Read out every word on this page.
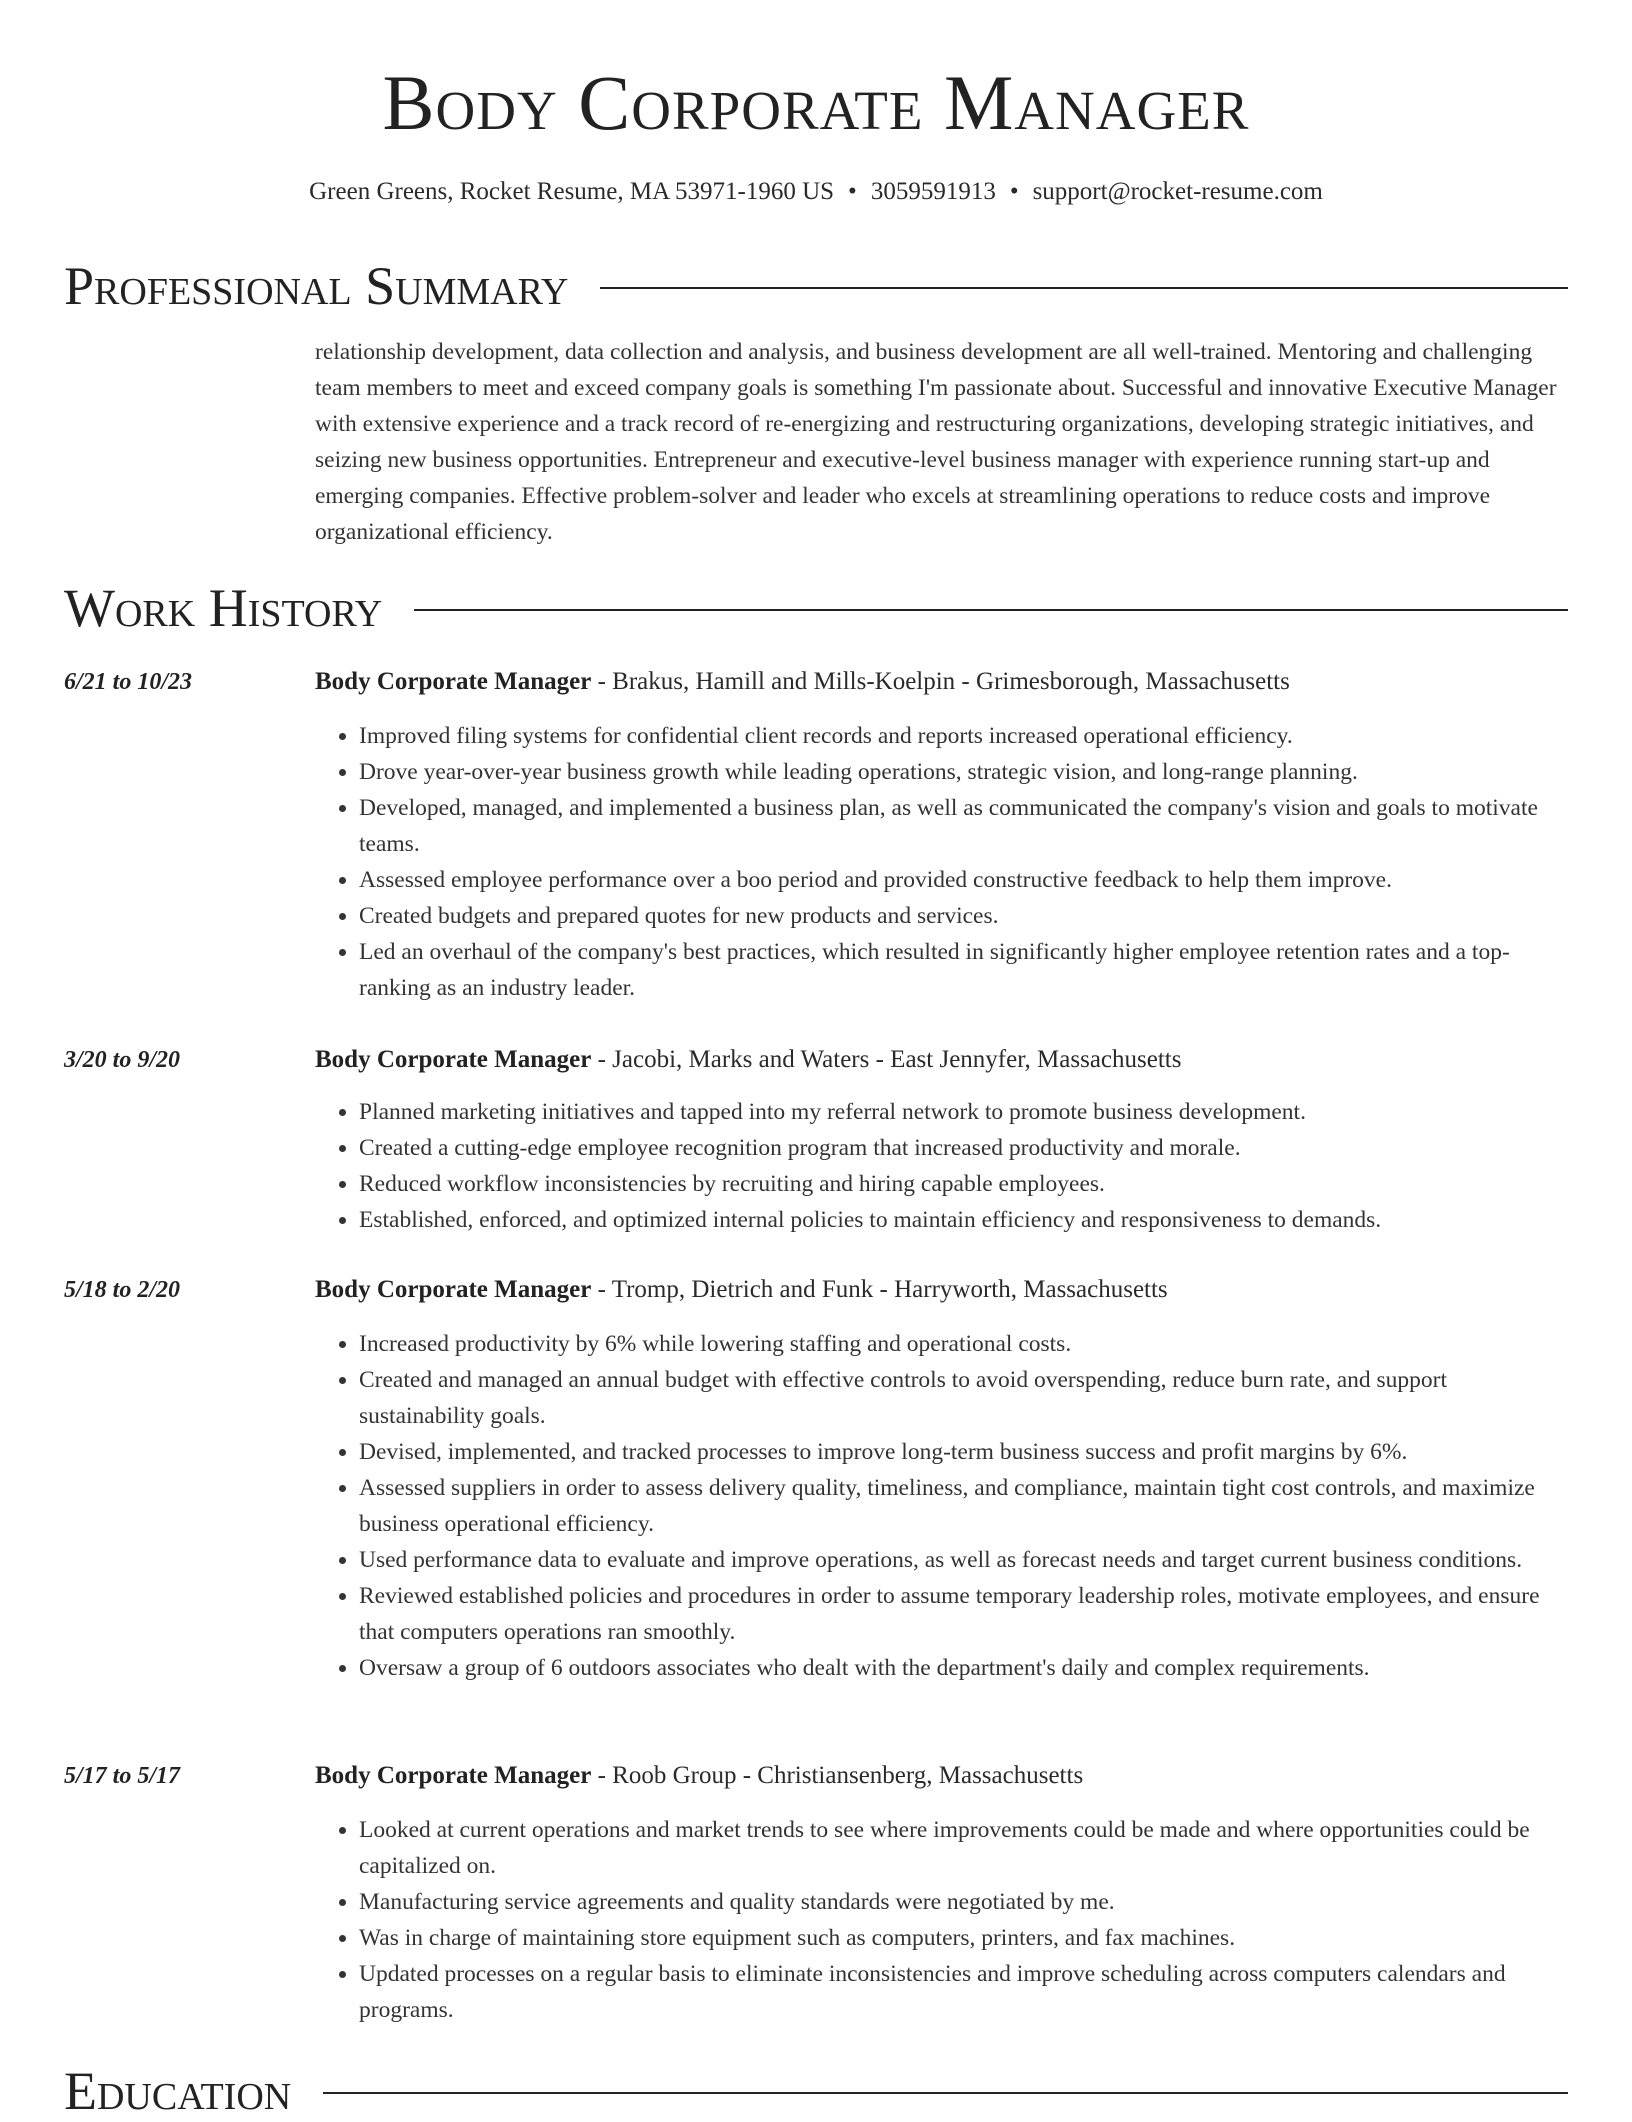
Body Corporate Manager
Green Greens, Rocket Resume, MA 53971-1960 US • 3059591913 • support@rocket-resume.com
Professional Summary
relationship development, data collection and analysis, and business development are all well-trained. Mentoring and challenging team members to meet and exceed company goals is something I'm passionate about. Successful and innovative Executive Manager with extensive experience and a track record of re-energizing and restructuring organizations, developing strategic initiatives, and seizing new business opportunities. Entrepreneur and executive-level business manager with experience running start-up and emerging companies. Effective problem-solver and leader who excels at streamlining operations to reduce costs and improve organizational efficiency.
Work History
6/21 to 10/23	Body Corporate Manager - Brakus, Hamill and Mills-Koelpin - Grimesborough, Massachusetts
• Improved filing systems for confidential client records and reports increased operational efficiency.
• Drove year-over-year business growth while leading operations, strategic vision, and long-range planning.
• Developed, managed, and implemented a business plan, as well as communicated the company's vision and goals to motivate teams.
• Assessed employee performance over a boo period and provided constructive feedback to help them improve.
• Created budgets and prepared quotes for new products and services.
• Led an overhaul of the company's best practices, which resulted in significantly higher employee retention rates and a top-ranking as an industry leader.
3/20 to 9/20	Body Corporate Manager - Jacobi, Marks and Waters - East Jennyfer, Massachusetts
• Planned marketing initiatives and tapped into my referral network to promote business development.
• Created a cutting-edge employee recognition program that increased productivity and morale.
• Reduced workflow inconsistencies by recruiting and hiring capable employees.
• Established, enforced, and optimized internal policies to maintain efficiency and responsiveness to demands.
5/18 to 2/20	Body Corporate Manager - Tromp, Dietrich and Funk - Harryworth, Massachusetts
• Increased productivity by 6% while lowering staffing and operational costs.
• Created and managed an annual budget with effective controls to avoid overspending, reduce burn rate, and support sustainability goals.
• Devised, implemented, and tracked processes to improve long-term business success and profit margins by 6%.
• Assessed suppliers in order to assess delivery quality, timeliness, and compliance, maintain tight cost controls, and maximize business operational efficiency.
• Used performance data to evaluate and improve operations, as well as forecast needs and target current business conditions.
• Reviewed established policies and procedures in order to assume temporary leadership roles, motivate employees, and ensure that computers operations ran smoothly.
• Oversaw a group of 6 outdoors associates who dealt with the department's daily and complex requirements.
5/17 to 5/17	Body Corporate Manager - Roob Group - Christiansenberg, Massachusetts
• Looked at current operations and market trends to see where improvements could be made and where opportunities could be capitalized on.
• Manufacturing service agreements and quality standards were negotiated by me.
• Was in charge of maintaining store equipment such as computers, printers, and fax machines.
• Updated processes on a regular basis to eliminate inconsistencies and improve scheduling across computers calendars and programs.
Education
